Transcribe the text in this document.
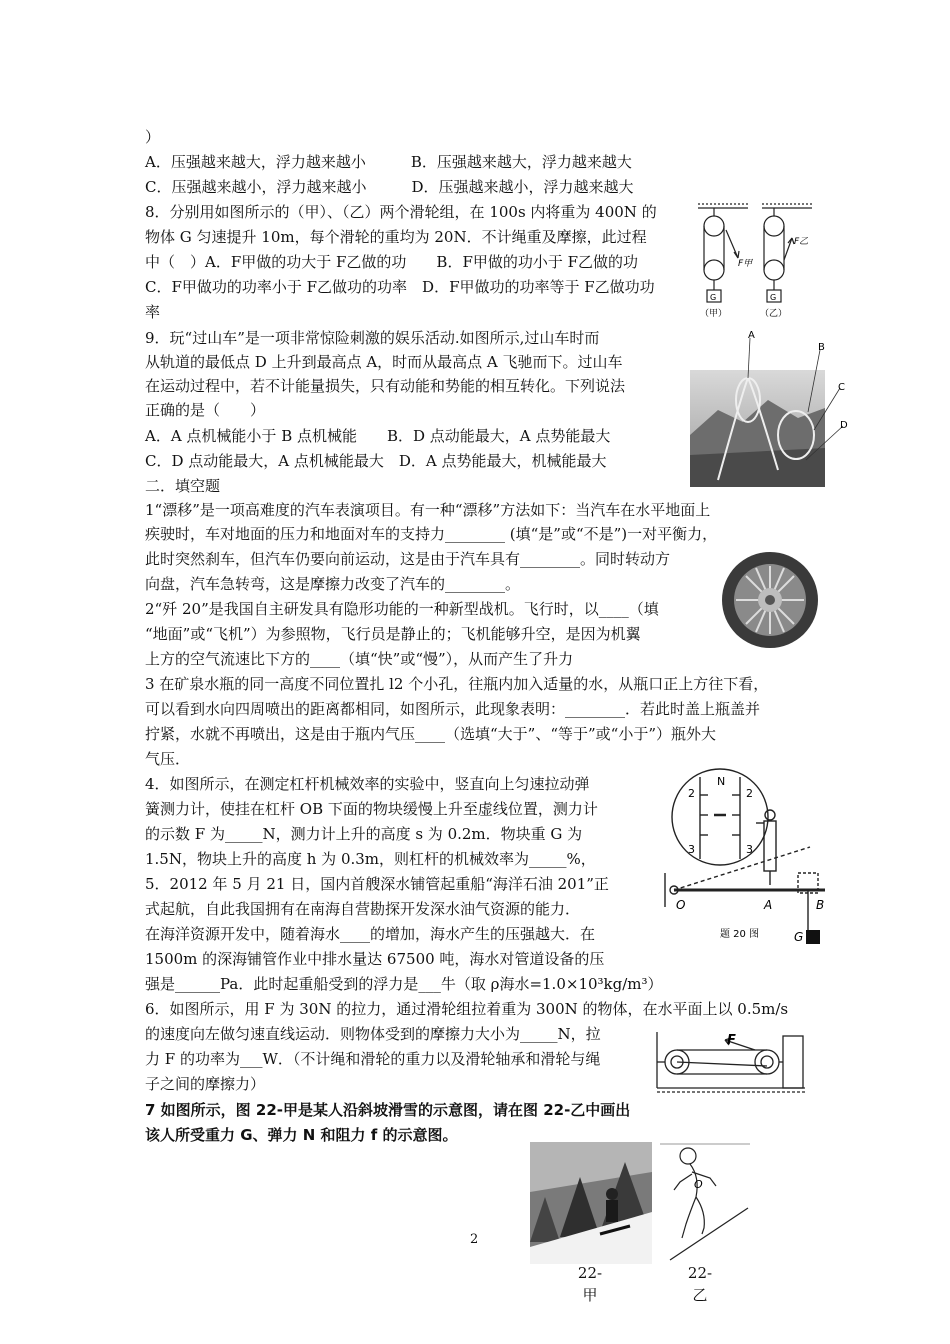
）
A．压强越来越大，浮力越来越小　　　B．压强越来越大，浮力越来越大
C．压强越来越小，浮力越来越小　　　D．压强越来越小，浮力越来越大
8．分别用如图所示的（甲）、（乙）两个滑轮组，在 100s 内将重为 400N 的
物体 G 匀速提升 10m，每个滑轮的重均为 20N．不计绳重及摩擦，此过程
中（　）A．F甲做的功大于 F乙做的功　　B．F甲做的功小于 F乙做的功
C．F甲做功的功率小于 F乙做功的功率　D．F甲做功的功率等于 F乙做功功
率
9．玩“过山车”是一项非常惊险刺激的娱乐活动.如图所示,过山车时而
从轨道的最低点 D 上升到最高点 A，时而从最高点 A 飞驰而下。过山车
在运动过程中，若不计能量损失，只有动能和势能的相互转化。下列说法
正确的是（　　）
A．A 点机械能小于 B 点机械能　　B．D 点动能最大，A 点势能最大
C．D 点动能最大，A 点机械能最大　D．A 点势能最大，机械能最大
二．填空题
1“漂移”是一项高难度的汽车表演项目。有一种“漂移”方法如下：当汽车在水平地面上
疾驶时，车对地面的压力和地面对车的支持力________ (填“是”或“不是”)一对平衡力，
此时突然刹车，但汽车仍要向前运动，这是由于汽车具有________。同时转动方
向盘，汽车急转弯，这是摩擦力改变了汽车的________。
2“歼 20”是我国自主研发具有隐形功能的一种新型战机。飞行时，以____（填
“地面”或“飞机”）为参照物，飞行员是静止的；飞机能够升空，是因为机翼
上方的空气流速比下方的____（填“快”或“慢”），从而产生了升力
3 在矿泉水瓶的同一高度不同位置扎 l2 个小孔，往瓶内加入适量的水，从瓶口正上方往下看，
可以看到水向四周喷出的距离都相同，如图所示，此现象表明：________．若此时盖上瓶盖并
拧紧，水就不再喷出，这是由于瓶内气压____（选填“大于”、“等于”或“小于”）瓶外大
气压．
4．如图所示，在测定杠杆机械效率的实验中，竖直向上匀速拉动弹
簧测力计，使挂在杠杆 OB 下面的物块缓慢上升至虚线位置，测力计
的示数 F 为_____N，测力计上升的高度 s 为 0.2m．物块重 G 为
1.5N，物块上升的高度 h 为 0.3m，则杠杆的机械效率为_____%，
5．2012 年 5 月 21 日，国内首艘深水铺管起重船“海洋石油 201”正
式起航，自此我国拥有在南海自营勘探开发深水油气资源的能力．
在海洋资源开发中，随着海水____的增加，海水产生的压强越大．在
1500m 的深海铺管作业中排水量达 67500 吨，海水对管道设备的压
强是______Pa．此时起重船受到的浮力是___牛（取 ρ海水=1.0×10³kg/m³）
6．如图所示，用 F 为 30N 的拉力，通过滑轮组拉着重为 300N 的物体，在水平面上以 0.5m/s
的速度向左做匀速直线运动．则物体受到的摩擦力大小为_____N，拉
力 F 的功率为___W．（不计绳和滑轮的重力以及滑轮轴承和滑轮与绳
子之间的摩擦力）
7 如图所示，图 22-甲是某人沿斜坡滑雪的示意图，请在图 22-乙中画出
该人所受重力 G、弹力 N 和阻力 f 的示意图。
F甲
F乙
G	G
（甲）	（乙）
A
B
C
D
N
2	2
3	3
O	A	B
G
题 20 图
F
O
22-
甲
22-
乙
2
